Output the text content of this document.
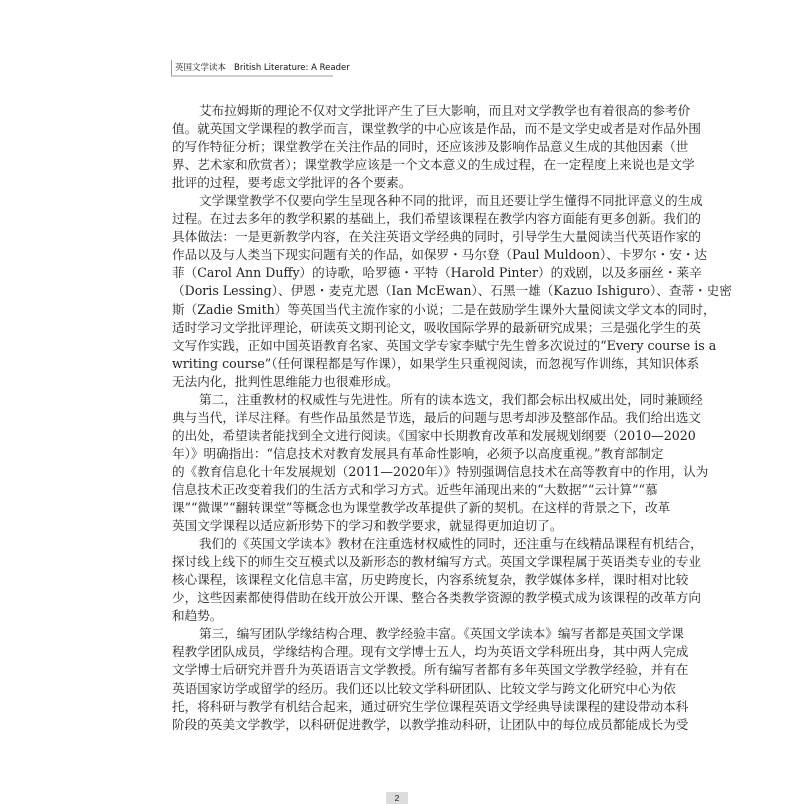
英国文学读本 British Literature: A Reader
艾布拉姆斯的理论不仅对文学批评产生了巨大影响，而且对文学教学也有着很高的参考价
值。就英国文学课程的教学而言，课堂教学的中心应该是作品，而不是文学史或者是对作品外围
的写作特征分析；课堂教学在关注作品的同时，还应该涉及影响作品意义生成的其他因素（世
界、艺术家和欣赏者）；课堂教学应该是一个文本意义的生成过程，在一定程度上来说也是文学
批评的过程，要考虑文学批评的各个要素。
文学课堂教学不仅要向学生呈现各种不同的批评，而且还要让学生懂得不同批评意义的生成
过程。在过去多年的教学积累的基础上，我们希望该课程在教学内容方面能有更多创新。我们的
具体做法：一是更新教学内容，在关注英语文学经典的同时，引导学生大量阅读当代英语作家的
作品以及与人类当下现实问题有关的作品，如保罗・马尔登（Paul Muldoon）、卡罗尔・安・达
菲（Carol Ann Duffy）的诗歌，哈罗德・平特（Harold Pinter）的戏剧，以及多丽丝・莱辛
（Doris Lessing）、伊恩・麦克尤恩（Ian McEwan）、石黑一雄（Kazuo Ishiguro）、查蒂・史密
斯（Zadie Smith）等英国当代主流作家的小说；二是在鼓励学生课外大量阅读文学文本的同时，
适时学习文学批评理论，研读英文期刊论文，吸收国际学界的最新研究成果；三是强化学生的英
文写作实践，正如中国英语教育名家、英国文学专家李赋宁先生曾多次说过的“Every course is a
writing course”（任何课程都是写作课），如果学生只重视阅读，而忽视写作训练，其知识体系
无法内化，批判性思维能力也很难形成。
第二，注重教材的权威性与先进性。所有的读本选文，我们都会标出权威出处，同时兼顾经
典与当代，详尽注释。有些作品虽然是节选，最后的问题与思考却涉及整部作品。我们给出选文
的出处，希望读者能找到全文进行阅读。《国家中长期教育改革和发展规划纲要（2010—2020
年）》明确指出：“信息技术对教育发展具有革命性影响，必须予以高度重视。”教育部制定
的《教育信息化十年发展规划（2011—2020年）》特别强调信息技术在高等教育中的作用，认为
信息技术正改变着我们的生活方式和学习方式。近些年涌现出来的“大数据”“云计算”“慕
课”“微课”“翻转课堂”等概念也为课堂教学改革提供了新的契机。在这样的背景之下，改革
英国文学课程以适应新形势下的学习和教学要求，就显得更加迫切了。
我们的《英国文学读本》教材在注重选材权威性的同时，还注重与在线精品课程有机结合，
探讨线上线下的师生交互模式以及新形态的教材编写方式。英国文学课程属于英语类专业的专业
核心课程，该课程文化信息丰富，历史跨度长，内容系统复杂，教学媒体多样，课时相对比较
少，这些因素都使得借助在线开放公开课、整合各类教学资源的教学模式成为该课程的改革方向
和趋势。
第三，编写团队学缘结构合理、教学经验丰富。《英国文学读本》编写者都是英国文学课
程教学团队成员，学缘结构合理。现有文学博士五人，均为英语文学科班出身，其中两人完成
文学博士后研究并晋升为英语语言文学教授。所有编写者都有多年英国文学教学经验，并有在
英语国家访学或留学的经历。我们还以比较文学科研团队、比较文学与跨文化研究中心为依
托，将科研与教学有机结合起来，通过研究生学位课程英语文学经典导读课程的建设带动本科
阶段的英美文学教学，以科研促进教学，以教学推动科研，让团队中的每位成员都能成长为受
2
